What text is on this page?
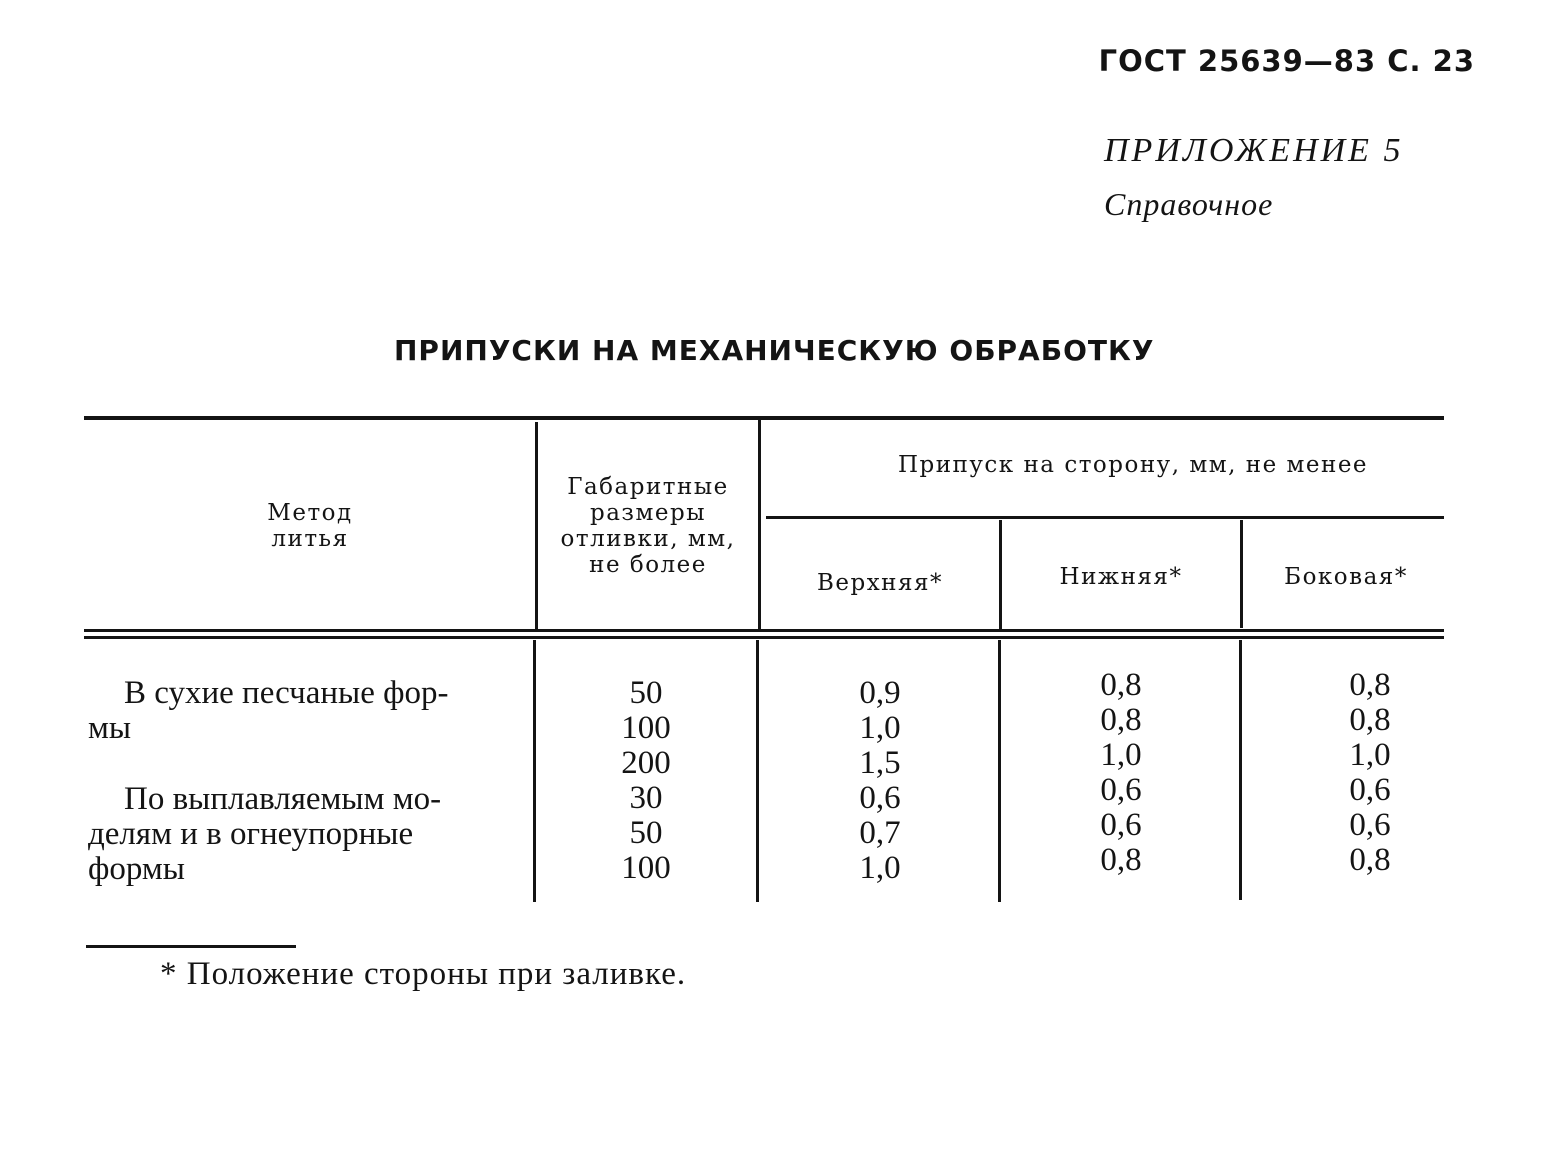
ГОСТ 25639—83 С. 23
ПРИЛОЖЕНИЕ 5
Справочное
ПРИПУСКИ НА МЕХАНИЧЕСКУЮ ОБРАБОТКУ
Метод
литья
Габаритные
размеры
отливки, мм,
не более
Припуск на сторону, мм, не менее
Верхняя*	Нижняя*	Боковая*
В сухие песчаные фор-
мы
По выплавляемым мо-
делям и в огнеупорные
формы
50
100
200
30
50
100
0,9
1,0
1,5
0,6
0,7
1,0
0,8
0,8
1,0
0,6
0,6
0,8
0,8
0,8
1,0
0,6
0,6
0,8
* Положение стороны при заливке.
